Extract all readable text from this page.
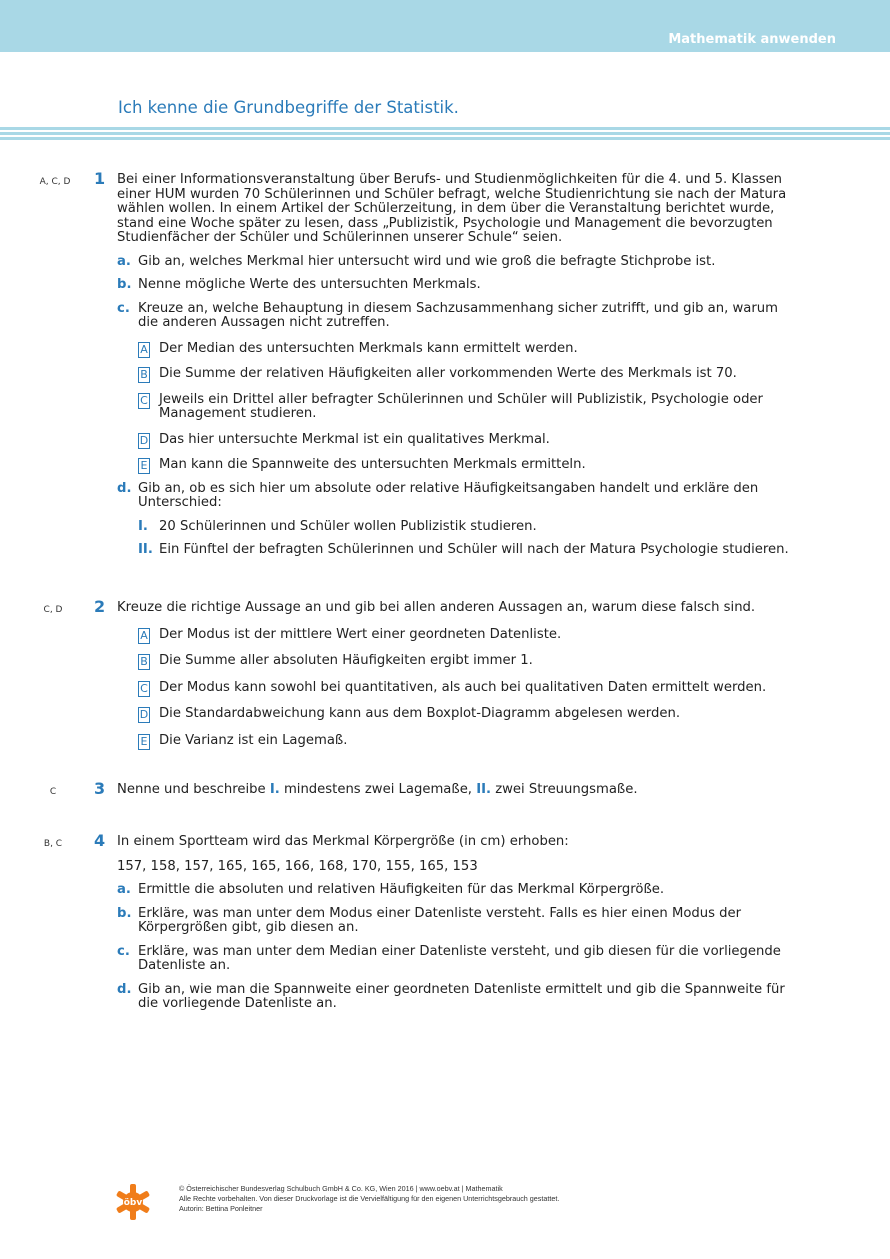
Mathematik anwenden
Ich kenne die Grundbegriffe der Statistik.
A, C, D	1 Bei einer Informationsveranstaltung über Berufs- und Studienmöglichkeiten für die 4. und 5. Klassen einer HUM wurden 70 Schülerinnen und Schüler befragt, welche Studienrichtung sie nach der Matura wählen wollen. In einem Artikel der Schülerzeitung, in dem über die Veranstaltung berichtet wurde, stand eine Woche später zu lesen, dass „Publizistik, Psychologie und Management die bevorzugten Studienfächer der Schüler und Schülerinnen unserer Schule“ seien.

a. Gib an, welches Merkmal hier untersucht wird und wie groß die befragte Stichprobe ist.
b. Nenne mögliche Werte des untersuchten Merkmals.
c. Kreuze an, welche Behauptung in diesem Sachzusammenhang sicher zutrifft, und gib an, warum die anderen Aussagen nicht zutreffen.
A Der Median des untersuchten Merkmals kann ermittelt werden.
B Die Summe der relativen Häufigkeiten aller vorkommenden Werte des Merkmals ist 70.
C Jeweils ein Drittel aller befragter Schülerinnen und Schüler will Publizistik, Psychologie oder Management studieren.
D Das hier untersuchte Merkmal ist ein qualitatives Merkmal.
E Man kann die Spannweite des untersuchten Merkmals ermitteln.
d. Gib an, ob es sich hier um absolute oder relative Häufigkeitsangaben handelt und erkläre den Unterschied:
I. 20 Schülerinnen und Schüler wollen Publizistik studieren.
II. Ein Fünftel der befragten Schülerinnen und Schüler will nach der Matura Psychologie studieren.
C, D	2 Kreuze die richtige Aussage an und gib bei allen anderen Aussagen an, warum diese falsch sind.

A Der Modus ist der mittlere Wert einer geordneten Datenliste.
B Die Summe aller absoluten Häufigkeiten ergibt immer 1.
C Der Modus kann sowohl bei quantitativen, als auch bei qualitativen Daten ermittelt werden.
D Die Standardabweichung kann aus dem Boxplot-Diagramm abgelesen werden.
E Die Varianz ist ein Lagemaß.
C	3 Nenne und beschreibe I. mindestens zwei Lagemaße, II. zwei Streuungsmaße.

B, C	4 In einem Sportteam wird das Merkmal Körpergröße (in cm) erhoben:

157, 158, 157, 165, 165, 166, 168, 170, 155, 165, 153

a. Ermittle die absoluten und relativen Häufigkeiten für das Merkmal Körpergröße.
b. Erkläre, was man unter dem Modus einer Datenliste versteht. Falls es hier einen Modus der Körpergrößen gibt, gib diesen an.
c. Erkläre, was man unter dem Median einer Datenliste versteht, und gib diesen für die vorliegende Datenliste an.
d. Gib an, wie man die Spannweite einer geordneten Datenliste ermittelt und gib die Spannweite für die vorliegende Datenliste an.
öbv
© Österreichischer Bundesverlag Schulbuch GmbH & Co. KG, Wien 2016 | www.oebv.at | Mathematik
Alle Rechte vorbehalten. Von dieser Druckvorlage ist die Vervielfältigung für den eigenen Unterrichtsgebrauch gestattet.
Autorin: Bettina Ponleitner
